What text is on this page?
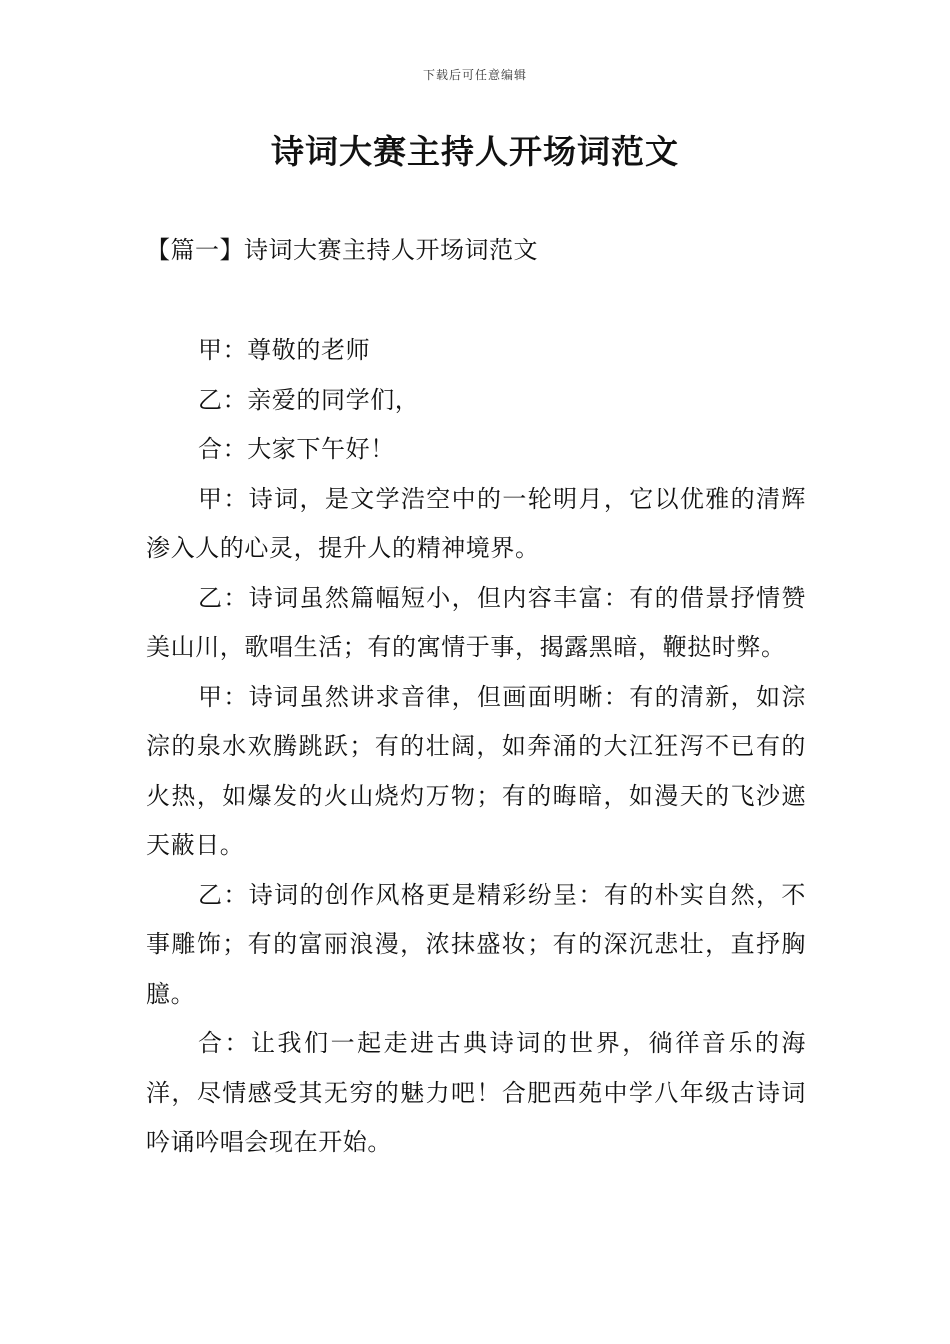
下载后可任意编辑
诗词大赛主持人开场词范文
【篇一】诗词大赛主持人开场词范文

甲：尊敬的老师

乙：亲爱的同学们，

合：大家下午好！

甲：诗词，是文学浩空中的一轮明月，它以优雅的清辉渗入人的心灵，提升人的精神境界。

乙：诗词虽然篇幅短小，但内容丰富：有的借景抒情赞美山川，歌唱生活；有的寓情于事，揭露黑暗，鞭挞时弊。

甲：诗词虽然讲求音律，但画面明晰：有的清新，如淙淙的泉水欢腾跳跃；有的壮阔，如奔涌的大江狂泻不已有的火热，如爆发的火山烧灼万物；有的晦暗，如漫天的飞沙遮天蔽日。

乙：诗词的创作风格更是精彩纷呈：有的朴实自然，不事雕饰；有的富丽浪漫，浓抹盛妆；有的深沉悲壮，直抒胸臆。

合：让我们一起走进古典诗词的世界，徜徉音乐的海洋，尽情感受其无穷的魅力吧！合肥西苑中学八年级古诗词吟诵吟唱会现在开始。
